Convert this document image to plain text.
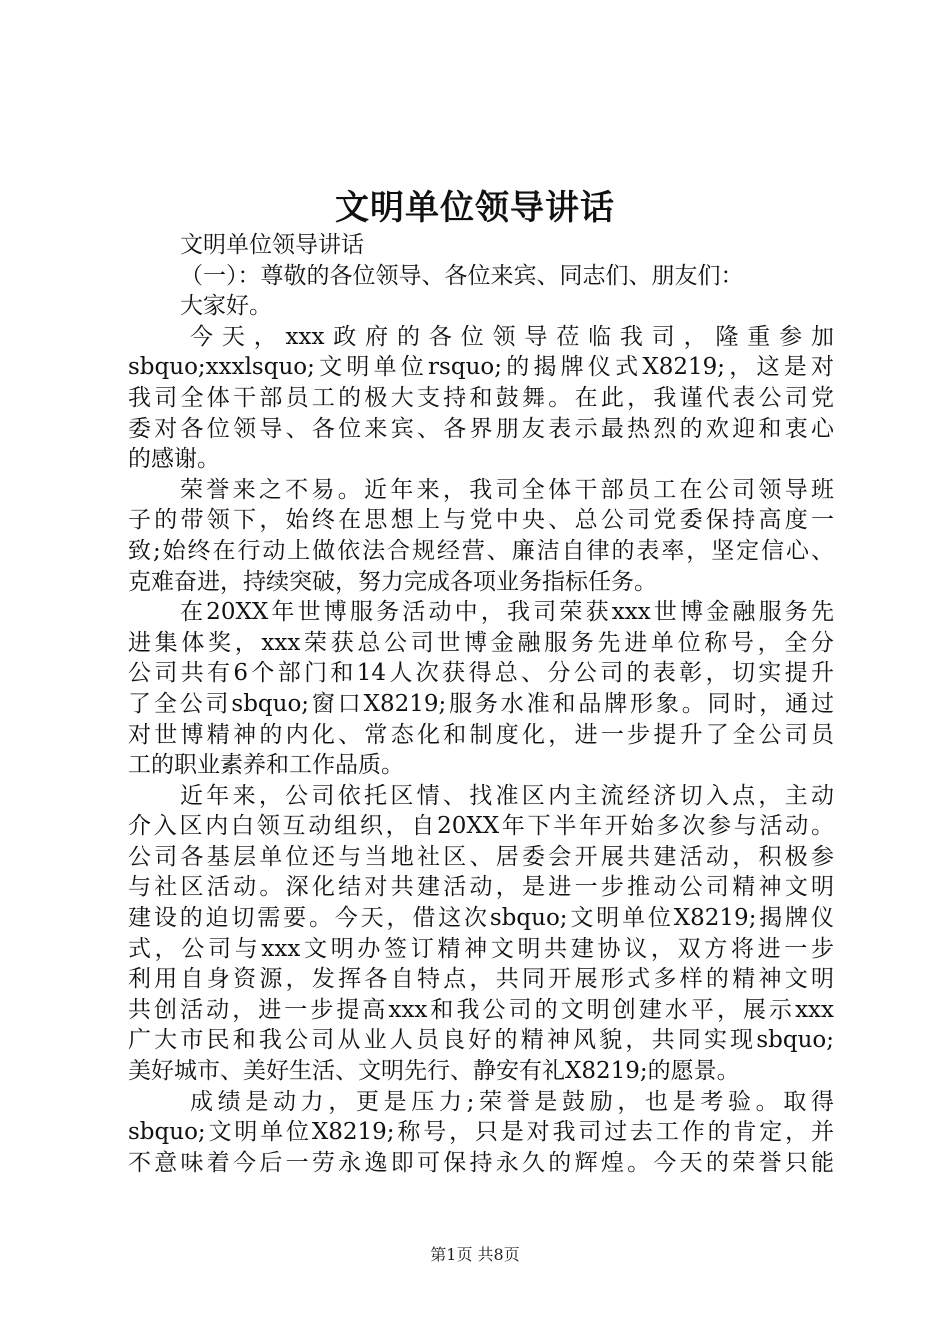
文明单位领导讲话
文明单位领导讲话
（一）：尊敬的各位领导、各位来宾、同志们、朋友们：
大家好。
今天，xxx政府的各位领导莅临我司，隆重参加
sbquo;xxxlsquo;文明单位rsquo;的揭牌仪式X8219;，这是对
我司全体干部员工的极大支持和鼓舞。在此，我谨代表公司党
委对各位领导、各位来宾、各界朋友表示最热烈的欢迎和衷心
的感谢。
荣誉来之不易。近年来，我司全体干部员工在公司领导班
子的带领下，始终在思想上与党中央、总公司党委保持高度一
致;始终在行动上做依法合规经营、廉洁自律的表率，坚定信心、
克难奋进，持续突破，努力完成各项业务指标任务。
在20XX年世博服务活动中，我司荣获xxx世博金融服务先
进集体奖，xxx荣获总公司世博金融服务先进单位称号，全分
公司共有6个部门和14人次获得总、分公司的表彰，切实提升
了全公司sbquo;窗口X8219;服务水准和品牌形象。同时，通过
对世博精神的内化、常态化和制度化，进一步提升了全公司员
工的职业素养和工作品质。
近年来，公司依托区情、找准区内主流经济切入点，主动
介入区内白领互动组织，自20XX年下半年开始多次参与活动。
公司各基层单位还与当地社区、居委会开展共建活动，积极参
与社区活动。深化结对共建活动，是进一步推动公司精神文明
建设的迫切需要。今天，借这次sbquo;文明单位X8219;揭牌仪
式，公司与xxx文明办签订精神文明共建协议，双方将进一步
利用自身资源，发挥各自特点，共同开展形式多样的精神文明
共创活动，进一步提高xxx和我公司的文明创建水平，展示xxx
广大市民和我公司从业人员良好的精神风貌，共同实现sbquo;
美好城市、美好生活、文明先行、静安有礼X8219;的愿景。
成绩是动力，更是压力;荣誉是鼓励，也是考验。取得
sbquo;文明单位X8219;称号，只是对我司过去工作的肯定，并
不意味着今后一劳永逸即可保持永久的辉煌。今天的荣誉只能
第1页 共8页
